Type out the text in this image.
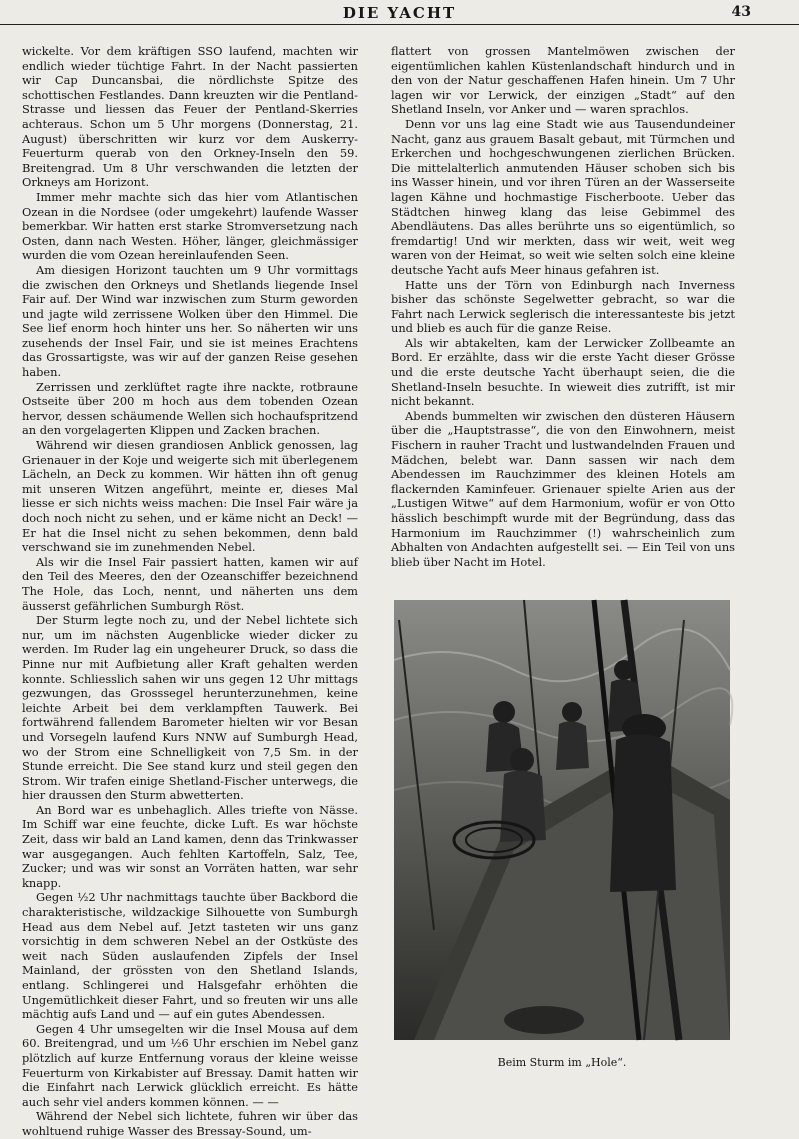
DIE YACHT	43

wickelte. Vor dem kräftigen SSO laufend, machten wir endlich wieder tüchtige Fahrt. In der Nacht passierten wir Cap Duncansbai, die nördlichste Spitze des schottischen Festlandes. Dann kreuzten wir die Pentland-Strasse und liessen das Feuer der Pentland-Skerries achteraus. Schon um 5 Uhr morgens (Donnerstag, 21. August) überschritten wir kurz vor dem Auskerry-Feuerturm querab von den Orkney-Inseln den 59. Breitengrad. Um 8 Uhr verschwanden die letzten der Orkneys am Horizont.

Immer mehr machte sich das hier vom Atlantischen Ozean in die Nordsee (oder umgekehrt) laufende Wasser bemerkbar. Wir hatten erst starke Stromversetzung nach Osten, dann nach Westen. Höher, länger, gleichmässiger wurden die vom Ozean hereinlaufenden Seen.

Am diesigen Horizont tauchten um 9 Uhr vormittags die zwischen den Orkneys und Shetlands liegende Insel Fair auf. Der Wind war inzwischen zum Sturm geworden und jagte wild zerrissene Wolken über den Himmel. Die See lief enorm hoch hinter uns her. So näherten wir uns zusehends der Insel Fair, und sie ist meines Erachtens das Grossartigste, was wir auf der ganzen Reise gesehen haben.

Zerrissen und zerklüftet ragte ihre nackte, rotbraune Ostseite über 200 m hoch aus dem tobenden Ozean hervor, dessen schäumende Wellen sich hochaufspritzend an den vorgelagerten Klippen und Zacken brachen.

Während wir diesen grandiosen Anblick genossen, lag Grienauer in der Koje und weigerte sich mit überlegenem Lächeln, an Deck zu kommen. Wir hätten ihn oft genug mit unseren Witzen angeführt, meinte er, dieses Mal liesse er sich nichts weiss machen: Die Insel Fair wäre ja doch noch nicht zu sehen, und er käme nicht an Deck! — Er hat die Insel nicht zu sehen bekommen, denn bald verschwand sie im zunehmenden Nebel.

Als wir die Insel Fair passiert hatten, kamen wir auf den Teil des Meeres, den der Ozeanschiffer bezeichnend The Hole, das Loch, nennt, und näherten uns dem äusserst gefährlichen Sumburgh Röst.

Der Sturm legte noch zu, und der Nebel lichtete sich nur, um im nächsten Augenblicke wieder dicker zu werden. Im Ruder lag ein ungeheurer Druck, so dass die Pinne nur mit Aufbietung aller Kraft gehalten werden konnte. Schliesslich sahen wir uns gegen 12 Uhr mittags gezwungen, das Grosssegel herunterzunehmen, keine leichte Arbeit bei dem verklampften Tauwerk. Bei fortwährend fallendem Barometer hielten wir vor Besan und Vorsegeln laufend Kurs NNW auf Sumburgh Head, wo der Strom eine Schnelligkeit von 7,5 Sm. in der Stunde erreicht. Die See stand kurz und steil gegen den Strom. Wir trafen einige Shetland-Fischer unterwegs, die hier draussen den Sturm abwetterten.

An Bord war es unbehaglich. Alles triefte von Nässe. Im Schiff war eine feuchte, dicke Luft. Es war höchste Zeit, dass wir bald an Land kamen, denn das Trinkwasser war ausgegangen. Auch fehlten Kartoffeln, Salz, Tee, Zucker; und was wir sonst an Vorräten hatten, war sehr knapp.

Gegen ½2 Uhr nachmittags tauchte über Backbord die charakteristische, wildzackige Silhouette von Sumburgh Head aus dem Nebel auf. Jetzt tasteten wir uns ganz vorsichtig in dem schweren Nebel an der Ostküste des weit nach Süden auslaufenden Zipfels der Insel Mainland, der grössten von den Shetland Islands, entlang. Schlingerei und Halsgefahr erhöhten die Ungemütlichkeit dieser Fahrt, und so freuten wir uns alle mächtig aufs Land und — auf ein gutes Abendessen.

Gegen 4 Uhr umsegelten wir die Insel Mousa auf dem 60. Breitengrad, und um ½6 Uhr erschien im Nebel ganz plötzlich auf kurze Entfernung voraus der kleine weisse Feuerturm von Kirkabister auf Bressay. Damit hatten wir die Einfahrt nach Lerwick glücklich erreicht. Es hätte auch sehr viel anders kommen können. — —

Während der Nebel sich lichtete, fuhren wir über das wohltuend ruhige Wasser des Bressay-Sound, um-

flattert von grossen Mantelmöwen zwischen der eigentümlichen kahlen Küstenlandschaft hindurch und in den von der Natur geschaffenen Hafen hinein. Um 7 Uhr lagen wir vor Lerwick, der einzigen „Stadt“ auf den Shetland Inseln, vor Anker und — waren sprachlos.

Denn vor uns lag eine Stadt wie aus Tausendundeiner Nacht, ganz aus grauem Basalt gebaut, mit Türmchen und Erkerchen und hochgeschwungenen zierlichen Brücken. Die mittelalterlich anmutenden Häuser schoben sich bis ins Wasser hinein, und vor ihren Türen an der Wasserseite lagen Kähne und hochmastige Fischerboote. Ueber das Städtchen hinweg klang das leise Gebimmel des Abendläutens. Das alles berührte uns so eigentümlich, so fremdartig! Und wir merkten, dass wir weit, weit weg waren von der Heimat, so weit wie selten solch eine kleine deutsche Yacht aufs Meer hinaus gefahren ist.

Hatte uns der Törn von Edinburgh nach Inverness bisher das schönste Segelwetter gebracht, so war die Fahrt nach Lerwick seglerisch die interessanteste bis jetzt und blieb es auch für die ganze Reise.

Als wir abtakelten, kam der Lerwicker Zollbeamte an Bord. Er erzählte, dass wir die erste Yacht dieser Grösse und die erste deutsche Yacht überhaupt seien, die die Shetland-Inseln besuchte. In wieweit dies zutrifft, ist mir nicht bekannt.

Abends bummelten wir zwischen den düsteren Häusern über die „Hauptstrasse“, die von den Einwohnern, meist Fischern in rauher Tracht und lustwandelnden Frauen und Mädchen, belebt war. Dann sassen wir nach dem Abendessen im Rauchzimmer des kleinen Hotels am flackernden Kaminfeuer. Grienauer spielte Arien aus der „Lustigen Witwe“ auf dem Harmonium, wofür er von Otto hässlich beschimpft wurde mit der Begründung, dass das Harmonium im Rauchzimmer (!) wahrscheinlich zum Abhalten von Andachten aufgestellt sei. — Ein Teil von uns blieb über Nacht im Hotel.

Beim Sturm im „Hole“.
